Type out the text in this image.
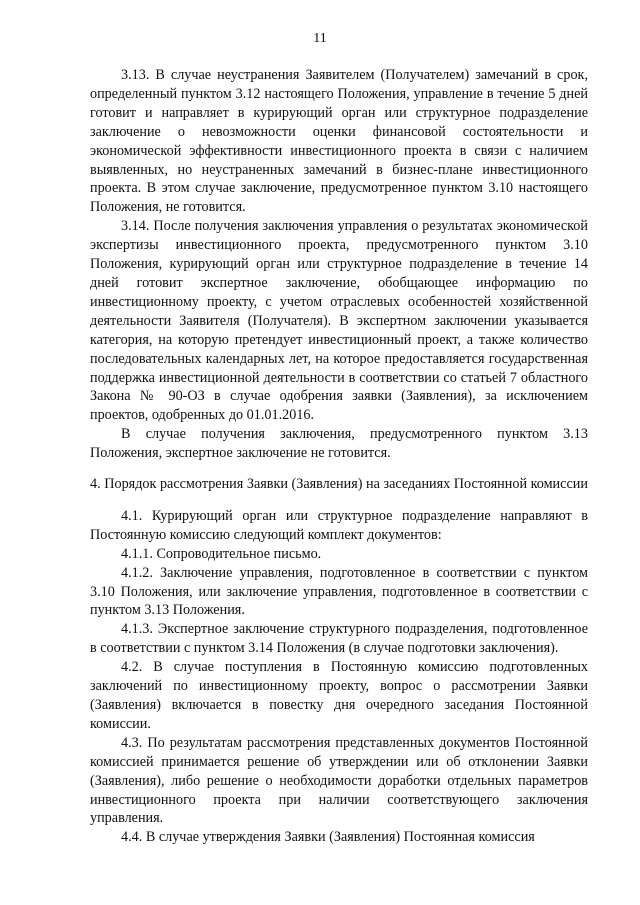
11

3.13. В случае неустранения Заявителем (Получателем) замечаний в срок, определенный пунктом 3.12 настоящего Положения, управление в течение 5 дней готовит и направляет в курирующий орган или структурное подразделение заключение о невозможности оценки финансовой состоятельности и экономической эффективности инвестиционного проекта в связи с наличием выявленных, но неустраненных замечаний в бизнес-плане инвестиционного проекта. В этом случае заключение, предусмотренное пунктом 3.10 настоящего Положения, не готовится.

3.14. После получения заключения управления о результатах экономической экспертизы инвестиционного проекта, предусмотренного пунктом 3.10 Положения, курирующий орган или структурное подразделение в течение 14 дней готовит экспертное заключение, обобщающее информацию по инвестиционному проекту, с учетом отраслевых особенностей хозяйственной деятельности Заявителя (Получателя). В экспертном заключении указывается категория, на которую претендует инвестиционный проект, а также количество последовательных календарных лет, на которое предоставляется государственная поддержка инвестиционной деятельности в соответствии со статьей 7 областного Закона № 90-ОЗ в случае одобрения заявки (Заявления), за исключением проектов, одобренных до 01.01.2016.

В случае получения заключения, предусмотренного пунктом 3.13 Положения, экспертное заключение не готовится.

4. Порядок рассмотрения Заявки (Заявления) на заседаниях Постоянной комиссии

4.1. Курирующий орган или структурное подразделение направляют в Постоянную комиссию следующий комплект документов:

4.1.1. Сопроводительное письмо.

4.1.2. Заключение управления, подготовленное в соответствии с пунктом 3.10 Положения, или заключение управления, подготовленное в соответствии с пунктом 3.13 Положения.

4.1.3. Экспертное заключение структурного подразделения, подготовленное в соответствии с пунктом 3.14 Положения (в случае подготовки заключения).

4.2. В случае поступления в Постоянную комиссию подготовленных заключений по инвестиционному проекту, вопрос о рассмотрении Заявки (Заявления) включается в повестку дня очередного заседания Постоянной комиссии.

4.3. По результатам рассмотрения представленных документов Постоянной комиссией принимается решение об утверждении или об отклонении Заявки (Заявления), либо решение о необходимости доработки отдельных параметров инвестиционного проекта при наличии соответствующего заключения управления.

4.4. В случае утверждения Заявки (Заявления) Постоянная комиссия
